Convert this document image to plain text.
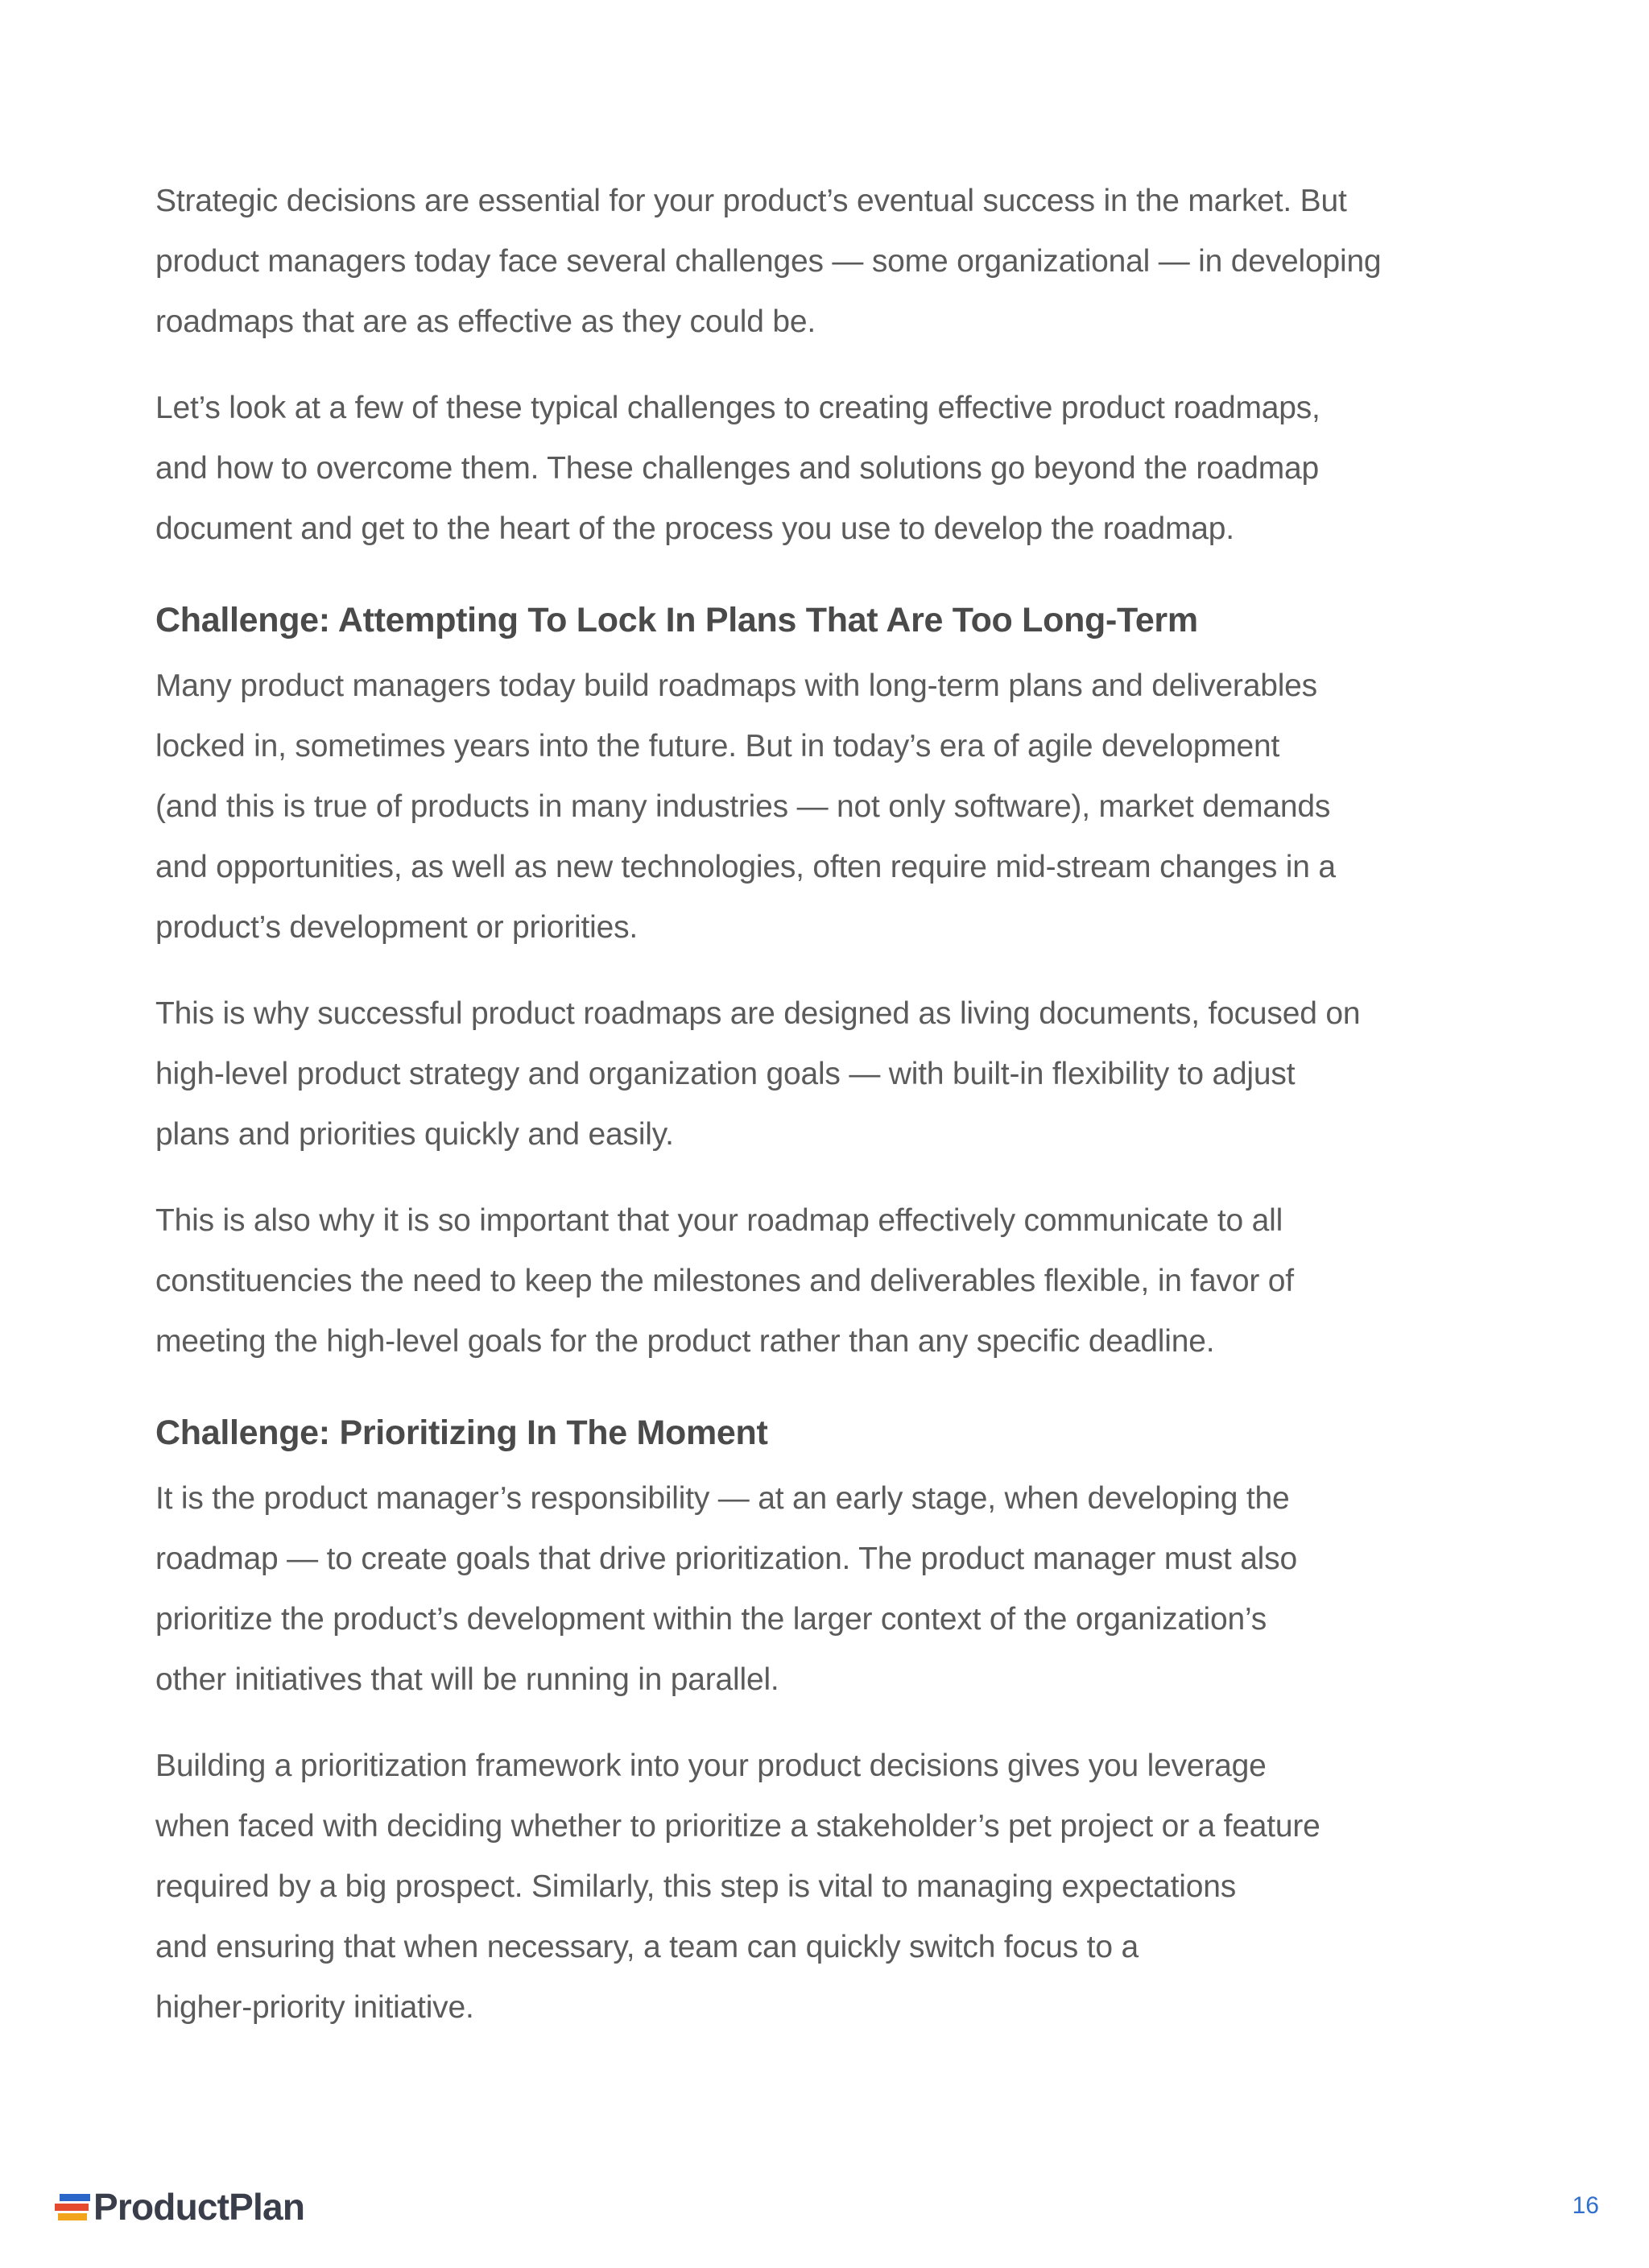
Strategic decisions are essential for your product’s eventual success in the market. But
product managers today face several challenges — some organizational — in developing
roadmaps that are as effective as they could be.

Let’s look at a few of these typical challenges to creating effective product roadmaps,
and how to overcome them. These challenges and solutions go beyond the roadmap
document and get to the heart of the process you use to develop the roadmap.

Challenge: Attempting To Lock In Plans That Are Too Long-Term

Many product managers today build roadmaps with long-term plans and deliverables
locked in, sometimes years into the future. But in today’s era of agile development
(and this is true of products in many industries — not only software), market demands
and opportunities, as well as new technologies, often require mid-stream changes in a
product’s development or priorities.

This is why successful product roadmaps are designed as living documents, focused on
high-level product strategy and organization goals — with built-in flexibility to adjust
plans and priorities quickly and easily.

This is also why it is so important that your roadmap effectively communicate to all
constituencies the need to keep the milestones and deliverables flexible, in favor of
meeting the high-level goals for the product rather than any specific deadline.

Challenge: Prioritizing In The Moment

It is the product manager’s responsibility — at an early stage, when developing the
roadmap — to create goals that drive prioritization. The product manager must also
prioritize the product’s development within the larger context of the organization’s
other initiatives that will be running in parallel.

Building a prioritization framework into your product decisions gives you leverage
when faced with deciding whether to prioritize a stakeholder’s pet project or a feature
required by a big prospect. Similarly, this step is vital to managing expectations
and ensuring that when necessary, a team can quickly switch focus to a
higher-priority initiative.

ProductPlan	16
